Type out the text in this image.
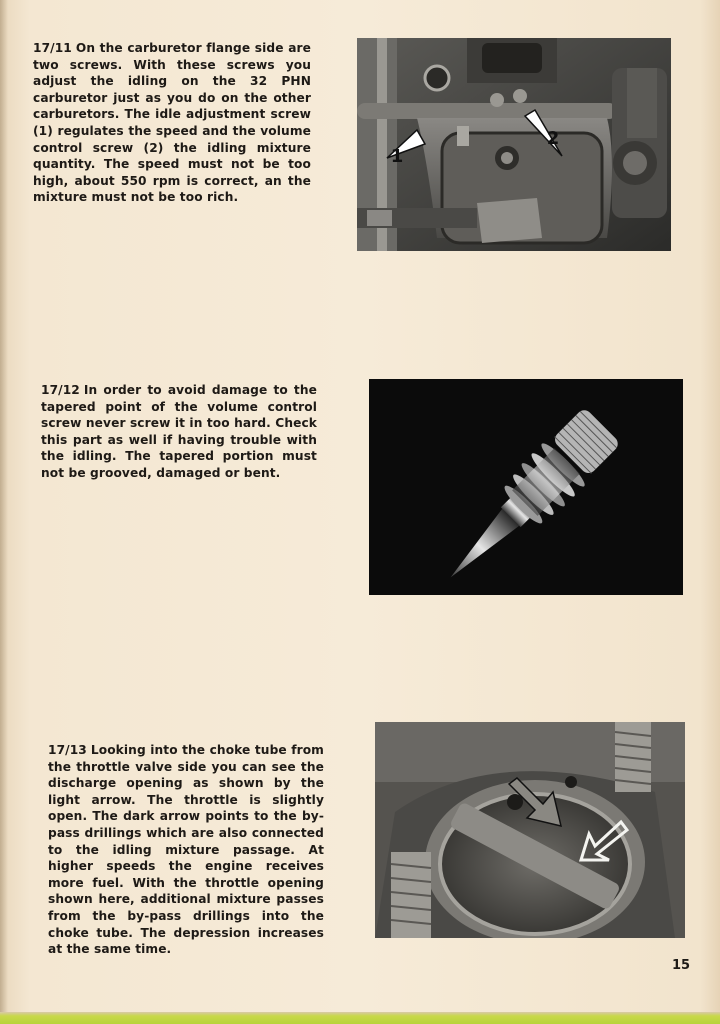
17/11 On the carburetor flange side are two screws. With these screws you adjust the idling on the 32 PHN carburetor just as you do on the other carburetors. The idle adjustment screw (1) regulates the speed and the volume control screw (2) the idling mixture quantity. The speed must not be too high, about 550 rpm is correct, an the mixture must not be too rich.
1
2
17/12 In order to avoid damage to the tapered point of the volume control screw never screw it in too hard. Check this part as well if having trouble with the idling. The tapered portion must not be grooved, damaged or bent.
17/13 Looking into the choke tube from the throttle valve side you can see the discharge opening as shown by the light arrow. The throttle is slightly open. The dark arrow points to the by-pass drillings which are also connected to the idling mixture passage. At higher speeds the engine receives more fuel. With the throttle opening shown here, additional mixture passes from the by-pass drillings into the choke tube. The depression increases at the same time.
15
